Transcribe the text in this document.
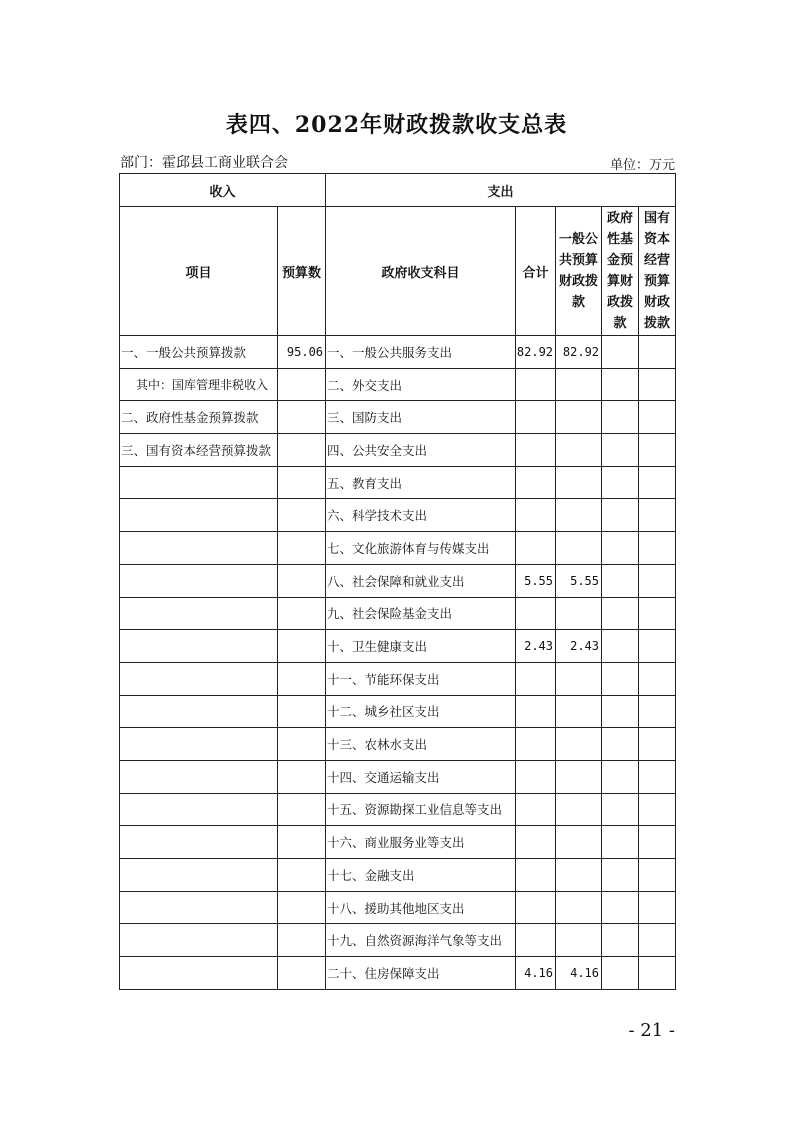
表四、2022年财政拨款收支总表
部门：霍邱县工商业联合会	单位：万元
收入		支出				
项目	预算数	政府收支科目	合计	一般公共预算财政拨款	政府性基金预算财政拨款	国有资本经营预算财政拨款
一、一般公共预算拨款	95.06	一、一般公共服务支出	82.92	82.92		
其中：国库管理非税收入		二、外交支出				
二、政府性基金预算拨款		三、国防支出				
三、国有资本经营预算拨款		四、公共安全支出				
		五、教育支出				
		六、科学技术支出				
		七、文化旅游体育与传媒支出				
		八、社会保障和就业支出	5.55	5.55		
		九、社会保险基金支出				
		十、卫生健康支出	2.43	2.43		
		十一、节能环保支出				
		十二、城乡社区支出				
		十三、农林水支出				
		十四、交通运输支出				
		十五、资源勘探工业信息等支出				
		十六、商业服务业等支出				
		十七、金融支出				
		十八、援助其他地区支出				
		十九、自然资源海洋气象等支出				
		二十、住房保障支出	4.16	4.16		
- 21 -
